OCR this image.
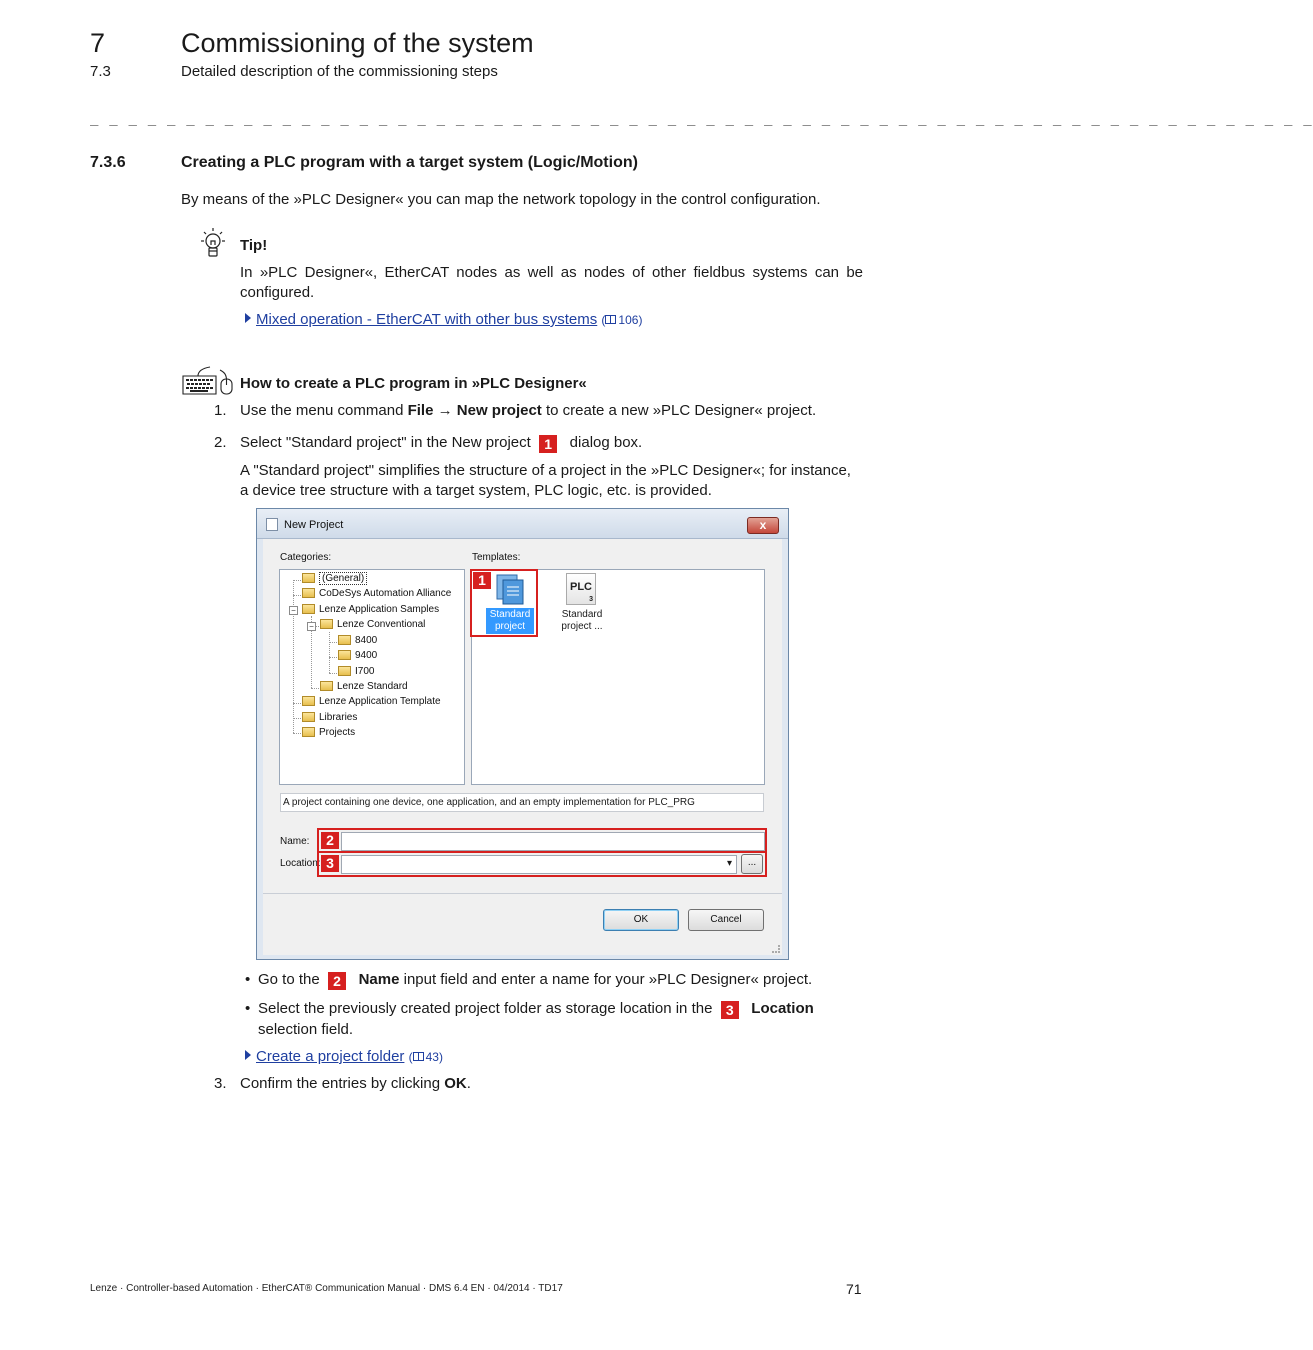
7	Commissioning of the system
7.3	Detailed description of the commissioning steps
_ _ _ _ _ _ _ _ _ _ _ _ _ _ _ _ _ _ _ _ _ _ _ _ _ _ _ _ _ _ _ _ _ _ _ _ _ _ _ _ _ _ _ _ _ _ _ _ _ _ _ _ _ _ _ _ _ _ _ _ _ _ _ _
7.3.6	Creating a PLC program with a target system (Logic/Motion)
By means of the »PLC Designer« you can map the network topology in the control configuration.
Tip!
In »PLC Designer«, EtherCAT nodes as well as nodes of other fieldbus systems can be configured.
Mixed operation - EtherCAT with other bus systems ( 106)
How to create a PLC program in »PLC Designer«
1. Use the menu command File → New project to create a new »PLC Designer« project.
2. Select "Standard project" in the New project 1 dialog box.
A "Standard project" simplifies the structure of a project in the »PLC Designer«; for instance, a device tree structure with a target system, PLC logic, etc. is provided.
New Project	x
Categories:	Templates:
−
−
(General)
CoDeSys Automation Alliance
Lenze Application Samples
Lenze Conventional
8400
9400
I700
Lenze Standard
Lenze Application Template
Libraries
Projects
Standard project
PLC
3
Standard project ...
A project containing one device, one application, and an empty implementation for PLC_PRG
Name:
Location:	▾	...
OK	Cancel
1
2
3
• Go to the 2 Name input field and enter a name for your »PLC Designer« project.
• Select the previously created project folder as storage location in the 3 Location
selection field.
Create a project folder ( 43)
3. Confirm the entries by clicking OK.
Lenze · Controller-based Automation · EtherCAT® Communication Manual · DMS 6.4 EN · 04/2014 · TD17	71
